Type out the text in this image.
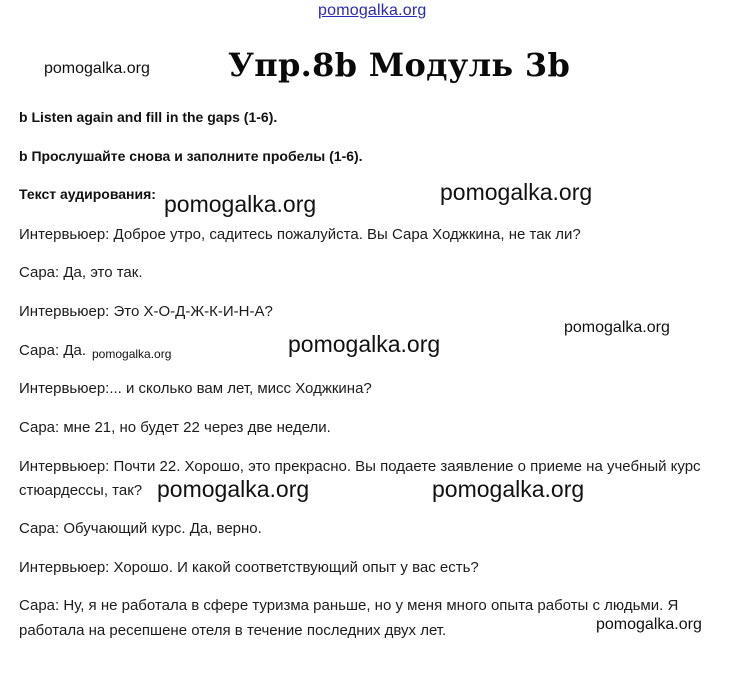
pomogalka.org
pomogalka.org Упр.8b Модуль 3b
b Listen again and fill in the gaps (1-6).
b Прослушайте снова и заполните пробелы (1-6).
Текст аудирования: pomogalka.org	pomogalka.org
Интервьюер: Доброе утро, садитесь пожалуйста. Вы Сара Ходжкина, не так ли?
Сара: Да, это так.
Интервьюер: Это Х-О-Д-Ж-К-И-Н-А?
pomogalka.org
Сара: Да. pomogalka.org	pomogalka.org
Интервьюер:... и сколько вам лет, мисс Ходжкина?
Сара: мне 21, но будет 22 через две недели.
Интервьюер: Почти 22. Хорошо, это прекрасно. Вы подаете заявление о приеме на учебный курс
стюардессы, так? pomogalka.org	pomogalka.org
Сара: Обучающий курс. Да, верно.
Интервьюер: Хорошо. И какой соответствующий опыт у вас есть?
Сара: Ну, я не работала в сфере туризма раньше, но у меня много опыта работы с людьми. Я
работала на ресепшене отеля в течение последних двух лет.	pomogalka.org
